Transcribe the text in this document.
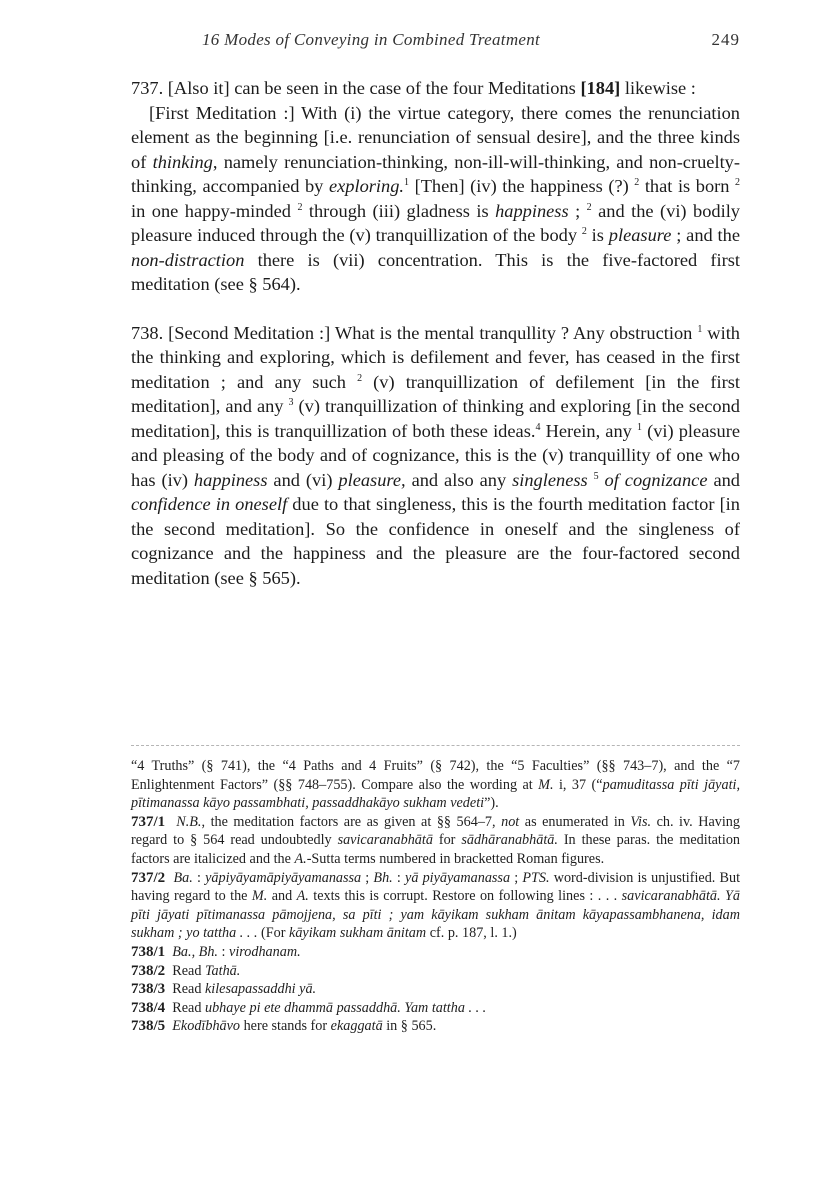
16 Modes of Conveying in Combined Treatment	249

737. [Also it] can be seen in the case of the four Meditations [184] likewise :

[First Meditation :] With (i) the virtue category, there comes the renunciation element as the beginning [i.e. renunciation of sensual desire], and the three kinds of thinking, namely renunciation-thinking, non-ill-will-thinking, and non-cruelty-thinking, accompanied by exploring.$^1$ [Then] (iv) the happiness (?) $^2$ that is born $^2$ in one happy-minded $^2$ through (iii) gladness is happiness ; $^2$ and the (vi) bodily pleasure induced through the (v) tranquillization of the body $^2$ is pleasure ; and the non-distraction there is (vii) concentration. This is the five-factored first meditation (see § 564).

738. [Second Meditation :] What is the mental tranqullity ? Any obstruction $^1$ with the thinking and exploring, which is defilement and fever, has ceased in the first meditation ; and any such $^2$ (v) tranquillization of defilement [in the first meditation], and any $^3$ (v) tranquillization of thinking and exploring [in the second meditation], this is tranquillization of both these ideas.$^4$ Herein, any $^1$ (vi) pleasure and pleasing of the body and of cognizance, this is the (v) tranquillity of one who has (iv) happiness and (vi) pleasure, and also any singleness $^5$ of cognizance and confidence in oneself due to that singleness, this is the fourth meditation factor [in the second meditation]. So the confidence in oneself and the singleness of cognizance and the happiness and the pleasure are the four-factored second meditation (see § 565).

“4 Truths” (§ 741), the “4 Paths and 4 Fruits” (§ 742), the “5 Faculties” (§§ 743–7), and the “7 Enlightenment Factors” (§§ 748–755). Compare also the wording at M. i, 37 (“pamuditassa pīti jāyati, pītimanassa kāyo passambhati, passaddhakāyo sukham vedeti”).

737/1 N.B., the meditation factors are as given at §§ 564–7, not as enumerated in Vis. ch. iv. Having regard to § 564 read undoubtedly savicaranabhātā for sādhāranabhātā. In these paras. the meditation factors are italicized and the A.-Sutta terms numbered in bracketted Roman figures.

737/2 Ba. : yāpiyāyamāpiyāyamanassa ; Bh. : yā piyāyamanassa ; PTS. word-division is unjustified. But having regard to the M. and A. texts this is corrupt. Restore on following lines : . . . savicaranabhātā. Yā pīti jāyati pītimanassa pāmojjena, sa pīti ; yam kāyikam sukham ānitam kāyapassambhanena, idam sukham ; yo tattha . . . (For kāyikam sukham ānitam cf. p. 187, l. 1.)

738/1 Ba., Bh. : virodhanam.

738/2 Read Tathā.

738/3 Read kilesapassaddhi yā.

738/4 Read ubhaye pi ete dhammā passaddhā. Yam tattha . . .

738/5 Ekodībhāvo here stands for ekaggatā in § 565.
